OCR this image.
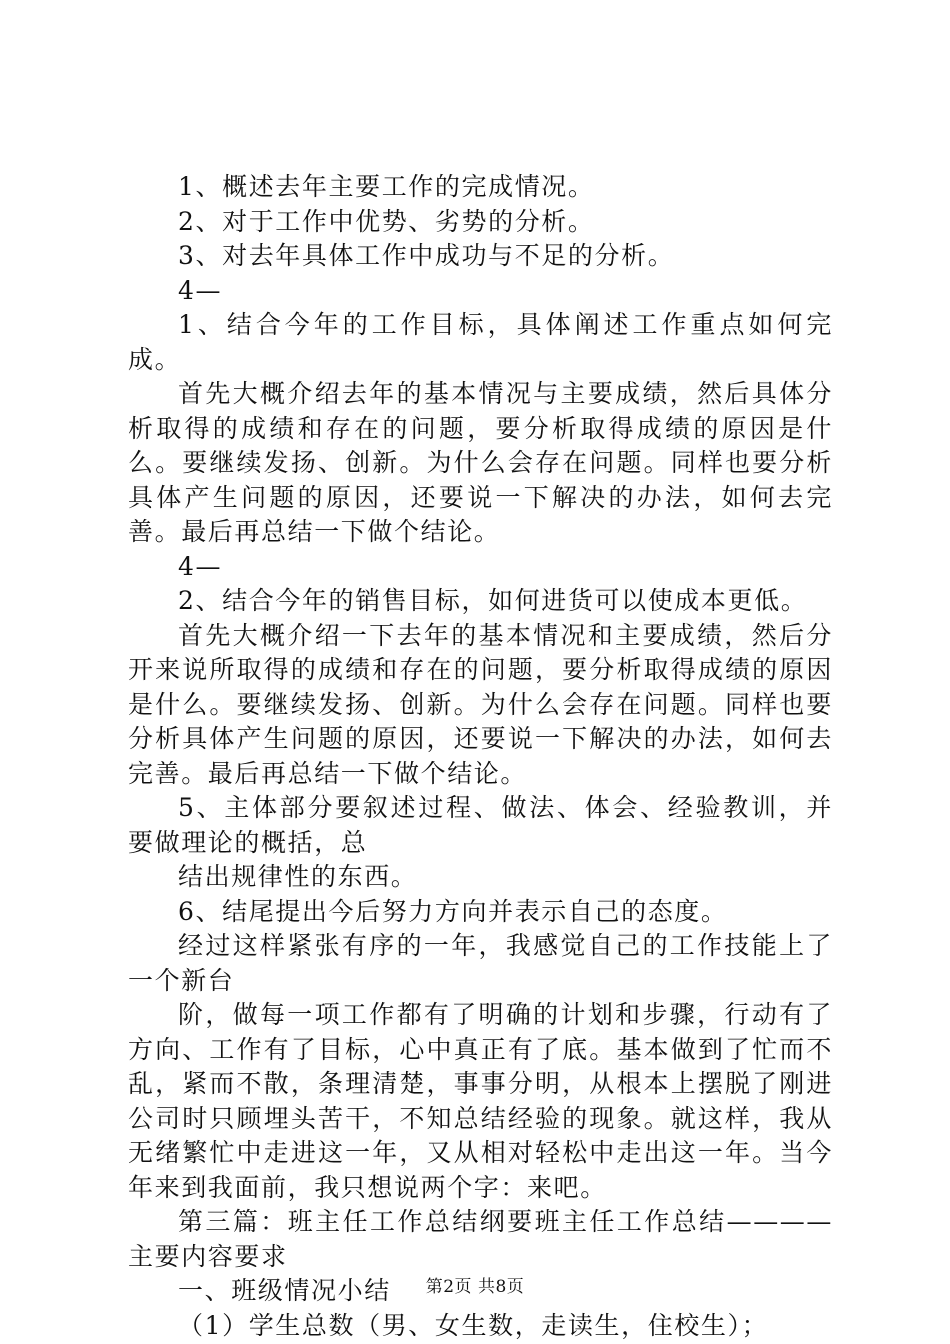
1、概述去年主要工作的完成情况。

2、对于工作中优势、劣势的分析。

3、对去年具体工作中成功与不足的分析。

4—

1、结合今年的工作目标，具体阐述工作重点如何完成。

首先大概介绍去年的基本情况与主要成绩，然后具体分析取得的成绩和存在的问题，要分析取得成绩的原因是什么。要继续发扬、创新。为什么会存在问题。同样也要分析具体产生问题的原因，还要说一下解决的办法，如何去完善。最后再总结一下做个结论。

4—

2、结合今年的销售目标，如何进货可以使成本更低。

首先大概介绍一下去年的基本情况和主要成绩，然后分开来说所取得的成绩和存在的问题，要分析取得成绩的原因是什么。要继续发扬、创新。为什么会存在问题。同样也要分析具体产生问题的原因，还要说一下解决的办法，如何去完善。最后再总结一下做个结论。

5、主体部分要叙述过程、做法、体会、经验教训，并要做理论的概括，总

结出规律性的东西。

6、结尾提出今后努力方向并表示自己的态度。

经过这样紧张有序的一年，我感觉自己的工作技能上了一个新台

阶，做每一项工作都有了明确的计划和步骤，行动有了方向、工作有了目标，心中真正有了底。基本做到了忙而不乱，紧而不散，条理清楚，事事分明，从根本上摆脱了刚进公司时只顾埋头苦干，不知总结经验的现象。就这样，我从无绪繁忙中走进这一年，又从相对轻松中走出这一年。当今年来到我面前，我只想说两个字：来吧。

第三篇：班主任工作总结纲要班主任工作总结————主要内容要求

一、班级情况小结

（1）学生总数（男、女生数，走读生，住校生）；

第2页 共8页
